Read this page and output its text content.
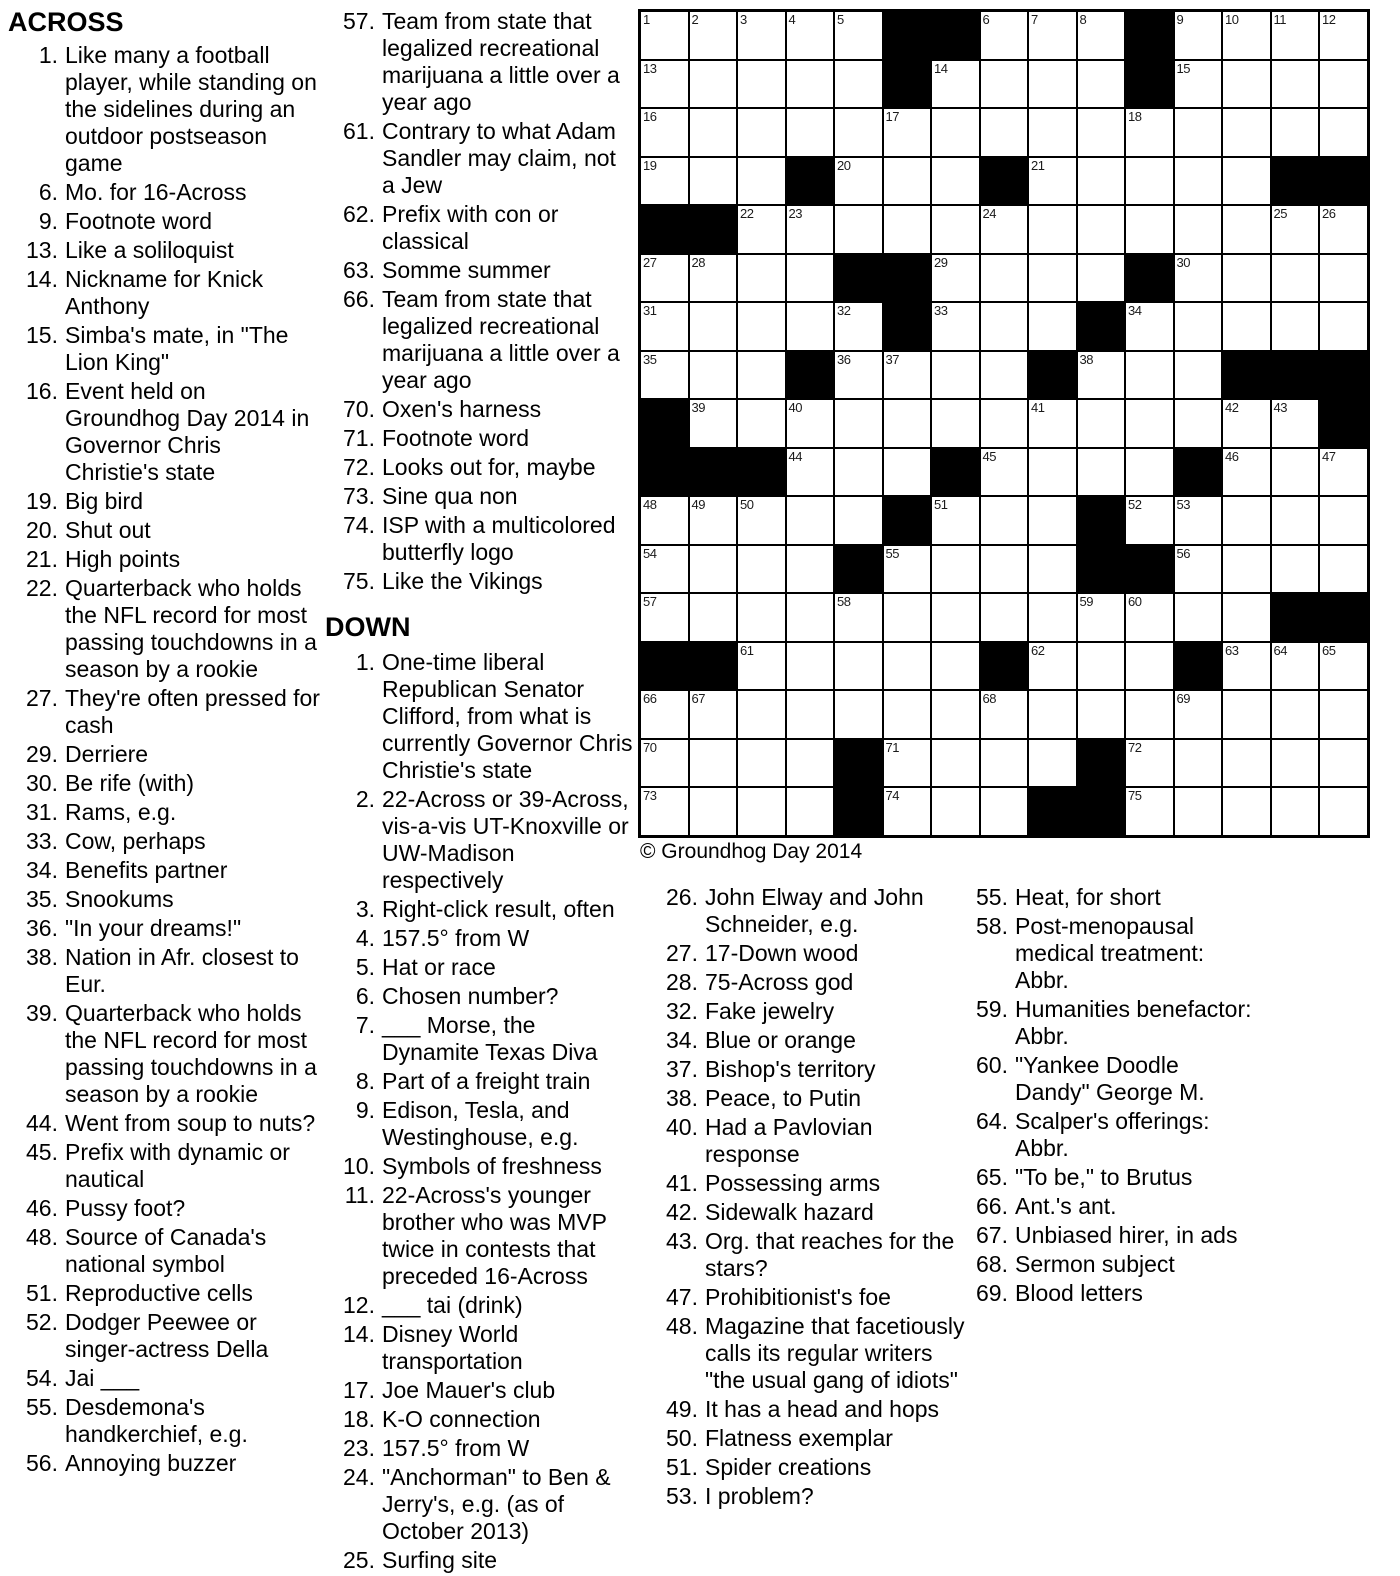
ACROSS
1. Like many a football player, while standing on the sidelines during an outdoor postseason game
6. Mo. for 16-Across
9. Footnote word
13. Like a soliloquist
14. Nickname for Knick Anthony
15. Simba's mate, in "The Lion King"
16. Event held on Groundhog Day 2014 in Governor Chris Christie's state
19. Big bird
20. Shut out
21. High points
22. Quarterback who holds the NFL record for most passing touchdowns in a season by a rookie
27. They're often pressed for cash
29. Derriere
30. Be rife (with)
31. Rams, e.g.
33. Cow, perhaps
34. Benefits partner
35. Snookums
36. "In your dreams!"
38. Nation in Afr. closest to Eur.
39. Quarterback who holds the NFL record for most passing touchdowns in a season by a rookie
44. Went from soup to nuts?
45. Prefix with dynamic or nautical
46. Pussy foot?
48. Source of Canada's national symbol
51. Reproductive cells
52. Dodger Peewee or singer-actress Della
54. Jai ___
55. Desdemona's handkerchief, e.g.
56. Annoying buzzer
57. Team from state that legalized recreational marijuana a little over a year ago
61. Contrary to what Adam Sandler may claim, not a Jew
62. Prefix with con or classical
63. Somme summer
66. Team from state that legalized recreational marijuana a little over a year ago
70. Oxen's harness
71. Footnote word
72. Looks out for, maybe
73. Sine qua non
74. ISP with a multicolored butterfly logo
75. Like the Vikings
DOWN
1. One-time liberal Republican Senator Clifford, from what is currently Governor Chris Christie's state
2. 22-Across or 39-Across, vis-a-vis UT-Knoxville or UW-Madison respectively
3. Right-click result, often
4. 157.5° from W
5. Hat or race
6. Chosen number?
7. ___ Morse, the Dynamite Texas Diva
8. Part of a freight train
9. Edison, Tesla, and Westinghouse, e.g.
10. Symbols of freshness
11. 22-Across's younger brother who was MVP twice in contests that preceded 16-Across
12. ___ tai (drink)
14. Disney World transportation
17. Joe Mauer's club
18. K-O connection
23. 157.5° from W
24. "Anchorman" to Ben & Jerry's, e.g. (as of October 2013)
25. Surfing site
1	2	3	4	5	6	7	8	9	10	11	12
13	14	15
16	17	18
19	20	21
22	23	24	25	26
27	28	29	30
31	32	33	34
35	36	37	38
39	40	41	42	43
44	45	46	47
48	49	50	51	52	53
54	55	56
57	58	59	60
61	62	63	64	65
66	67	68	69
70	71	72
73	74	75
© Groundhog Day 2014
26. John Elway and John Schneider, e.g.
27. 17-Down wood
28. 75-Across god
32. Fake jewelry
34. Blue or orange
37. Bishop's territory
38. Peace, to Putin
40. Had a Pavlovian response
41. Possessing arms
42. Sidewalk hazard
43. Org. that reaches for the stars?
47. Prohibitionist's foe
48. Magazine that facetiously calls its regular writers "the usual gang of idiots"
49. It has a head and hops
50. Flatness exemplar
51. Spider creations
53. I problem?
55. Heat, for short
58. Post-menopausal medical treatment: Abbr.
59. Humanities benefactor: Abbr.
60. "Yankee Doodle Dandy" George M.
64. Scalper's offerings: Abbr.
65. "To be," to Brutus
66. Ant.'s ant.
67. Unbiased hirer, in ads
68. Sermon subject
69. Blood letters
